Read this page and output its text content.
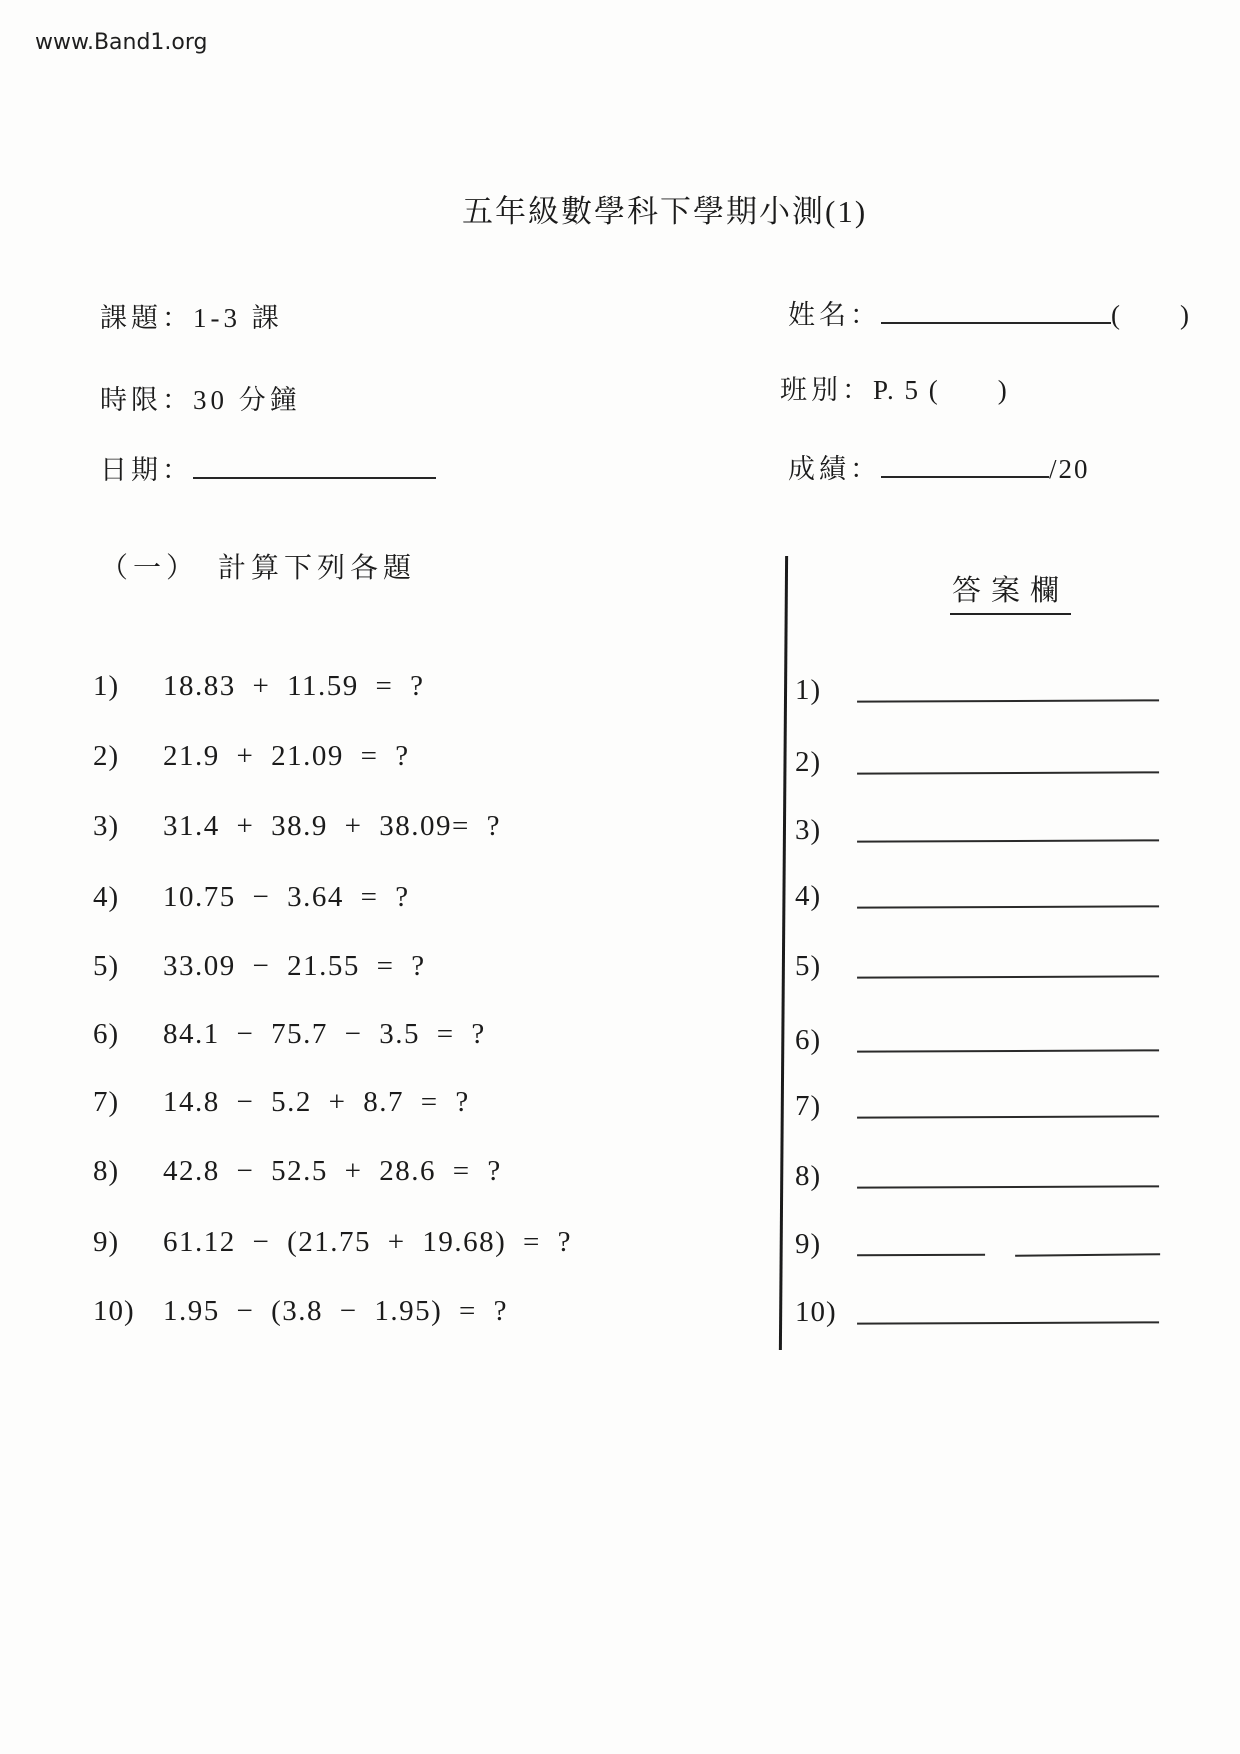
www.Band1.org
五年級數學科下學期小測(1)
課題：1-3 課
時限：30 分鐘
日期：
姓名：	(　　)
班別：P. 5 (　　)
成績：	/20
（一）　計算下列各題
答案欄
1)	18.83 + 11.59 = ?
2)	21.9 + 21.09 = ?
3)	31.4 + 38.9 + 38.09= ?
4)	10.75 − 3.64 = ?
5)	33.09 − 21.55 = ?
6)	84.1 − 75.7 − 3.5 = ?
7)	14.8 − 5.2 + 8.7 = ?
8)	42.8 − 52.5 + 28.6 = ?
9)	61.12 − (21.75 + 19.68) = ?
10) 1.95 − (3.8 − 1.95) = ?
1)
2)
3)
4)
5)
6)
7)
8)
9)
10)
